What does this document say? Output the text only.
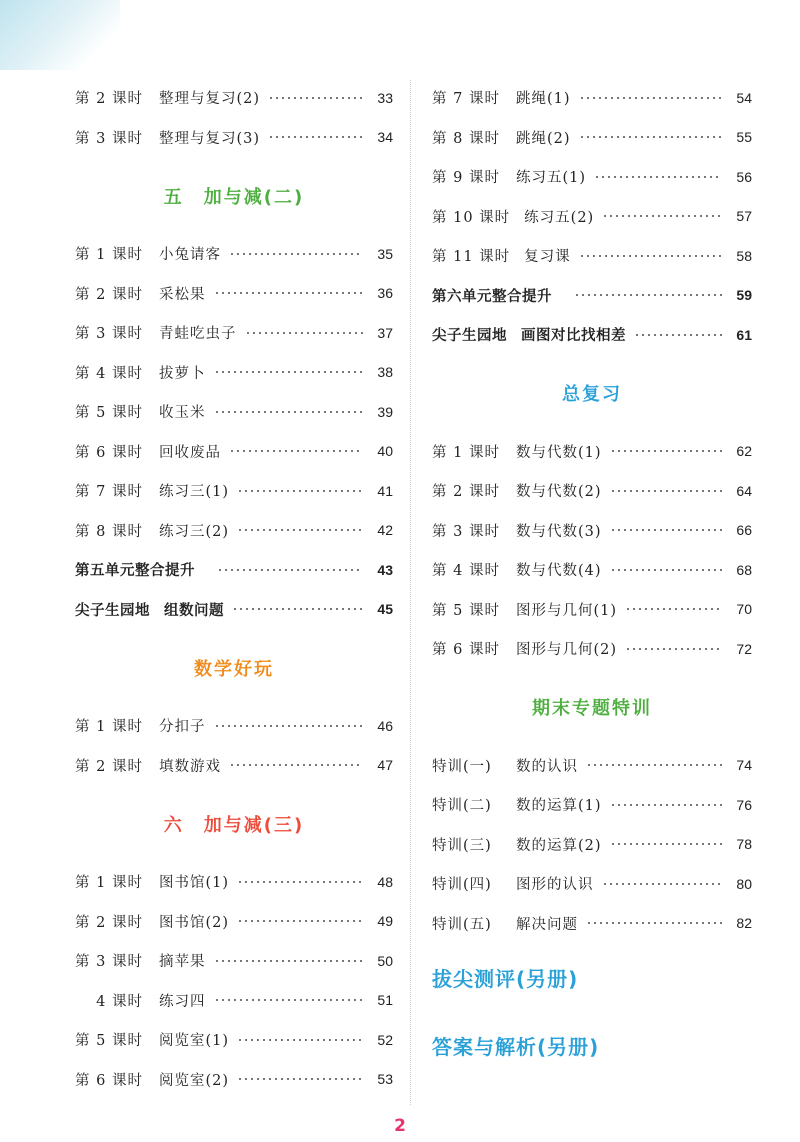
第 2 课时	整理与复习(2)	33
第 3 课时	整理与复习(3)	34
五　加与减(二)
第 1 课时	小兔请客	35
第 2 课时	采松果	36
第 3 课时	青蛙吃虫子	37
第 4 课时	拔萝卜	38
第 5 课时	收玉米	39
第 6 课时	回收废品	40
第 7 课时	练习三(1)	41
第 8 课时	练习三(2)	42
第五单元整合提升	43
尖子生园地 组数问题	45
数学好玩
第 1 课时	分扣子	46
第 2 课时	填数游戏	47
六　加与减(三)
第 1 课时	图书馆(1)	48
第 2 课时	图书馆(2)	49
第 3 课时	摘苹果	50
　 4 课时	练习四	51
第 5 课时	阅览室(1)	52
第 6 课时	阅览室(2)	53
第 7 课时	跳绳(1)	54
第 8 课时	跳绳(2)	55
第 9 课时	练习五(1)	56
第 10 课时 练习五(2)	57
第 11 课时 复习课	58
第六单元整合提升	59
尖子生园地 画图对比找相差	61
总复习
第 1 课时	数与代数(1)	62
第 2 课时	数与代数(2)	64
第 3 课时	数与代数(3)	66
第 4 课时	数与代数(4)	68
第 5 课时	图形与几何(1)	70
第 6 课时	图形与几何(2)	72
期末专题特训
特训(一)	数的认识	74
特训(二)	数的运算(1)	76
特训(三)	数的运算(2)	78
特训(四)	图形的认识	80
特训(五)	解决问题	82
拔尖测评(另册)
答案与解析(另册)
2
